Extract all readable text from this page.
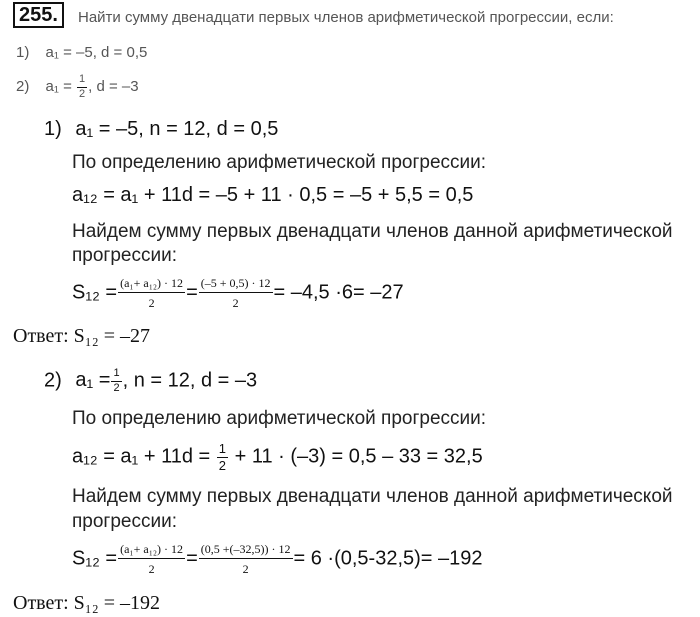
255.	Найти сумму двенадцати первых членов арифметической прогрессии, если:
1) a₁ = –5, d = 0,5
2) $a_1 = \frac{1}{2}$ , d = –3
1) a₁ = –5, n = 12, d = 0,5
По определению арифметической прогрессии:
a₁₂ = a₁ + 11d = –5 + 11 · 0,5 = –5 + 5,5 = 0,5
Найдем сумму первых двенадцати членов данной арифметической
прогрессии:
$S_{12} = \frac{\text{(a₁+ a₁₂) · 12}}{2} = \frac{(-5 + 0,5) \cdot 12}{2} = -4,5 \cdot 6= -27$
Ответ: S₁₂ = –27
2) $a_1 = \frac{1}{2}$ , n = 12, d = –3
По определению арифметической прогрессии:
$a_{12} = a_1 + 11d = \frac{1}{2} + 11 \cdot (-3) = 0,5 - 33 = 32,5$
Найдем сумму первых двенадцати членов данной арифметической
прогрессии:
$S_{12} = \frac{\text{(a₁+ a₁₂) · 12}}{2} = \frac{(0,5 +(-32,5)) \cdot 12}{2} = 6 \cdot(0,5-32,5)= -192$
Ответ: S₁₂ = –192
